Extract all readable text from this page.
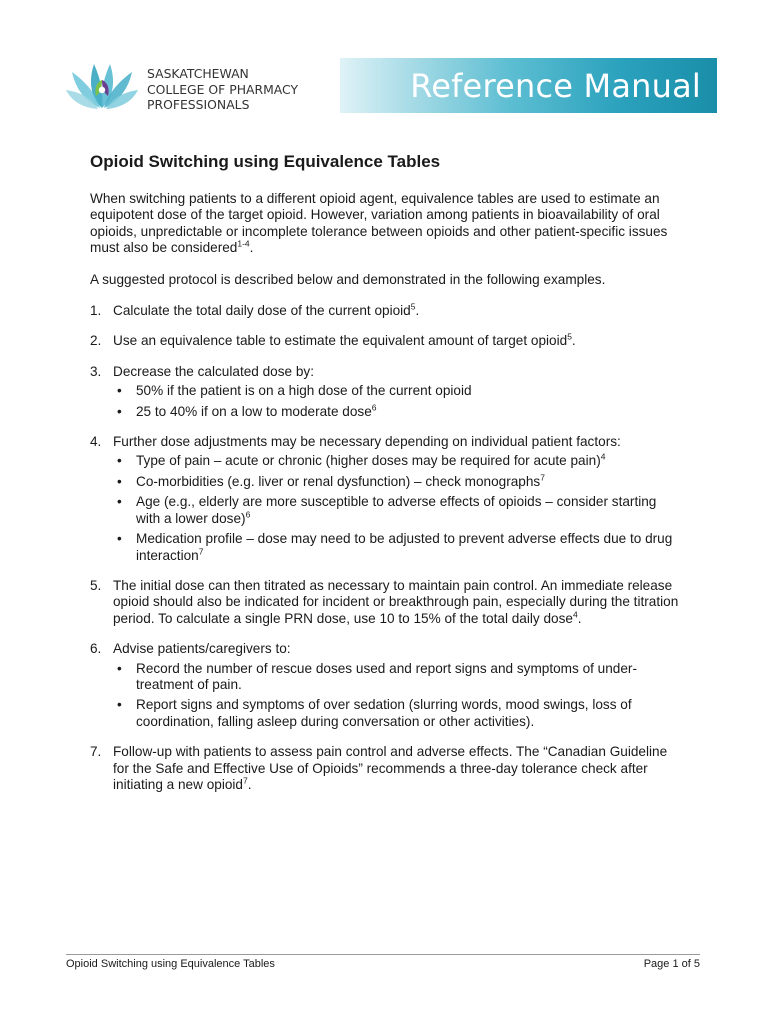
SASKATCHEWAN
COLLEGE OF PHARMACY
PROFESSIONALS	Reference Manual
Opioid Switching using Equivalence Tables

When switching patients to a different opioid agent, equivalence tables are used to estimate an equipotent dose of the target opioid. However, variation among patients in bioavailability of oral opioids, unpredictable or incomplete tolerance between opioids and other patient-specific issues must also be considered$^{1-4}$.

A suggested protocol is described below and demonstrated in the following examples.

1. Calculate the total daily dose of the current opioid$^5$.
2. Use an equivalence table to estimate the equivalent amount of target opioid$^5$.
3. Decrease the calculated dose by:
• 50% if the patient is on a high dose of the current opioid
• 25 to 40% if on a low to moderate dose$^6$
4. Further dose adjustments may be necessary depending on individual patient factors:
• Type of pain – acute or chronic (higher doses may be required for acute pain)$^4$
• Co-morbidities (e.g. liver or renal dysfunction) – check monographs$^7$
• Age (e.g., elderly are more susceptible to adverse effects of opioids – consider starting with a lower dose)$^6$
• Medication profile – dose may need to be adjusted to prevent adverse effects due to drug interaction$^7$
5. The initial dose can then titrated as necessary to maintain pain control. An immediate release opioid should also be indicated for incident or breakthrough pain, especially during the titration period. To calculate a single PRN dose, use 10 to 15% of the total daily dose$^4$.
6. Advise patients/caregivers to:
• Record the number of rescue doses used and report signs and symptoms of under-treatment of pain.
• Report signs and symptoms of over sedation (slurring words, mood swings, loss of coordination, falling asleep during conversation or other activities).
7. Follow-up with patients to assess pain control and adverse effects. The “Canadian Guideline for the Safe and Effective Use of Opioids” recommends a three-day tolerance check after initiating a new opioid$^7$.
Opioid Switching using Equivalence Tables	Page 1 of 5
